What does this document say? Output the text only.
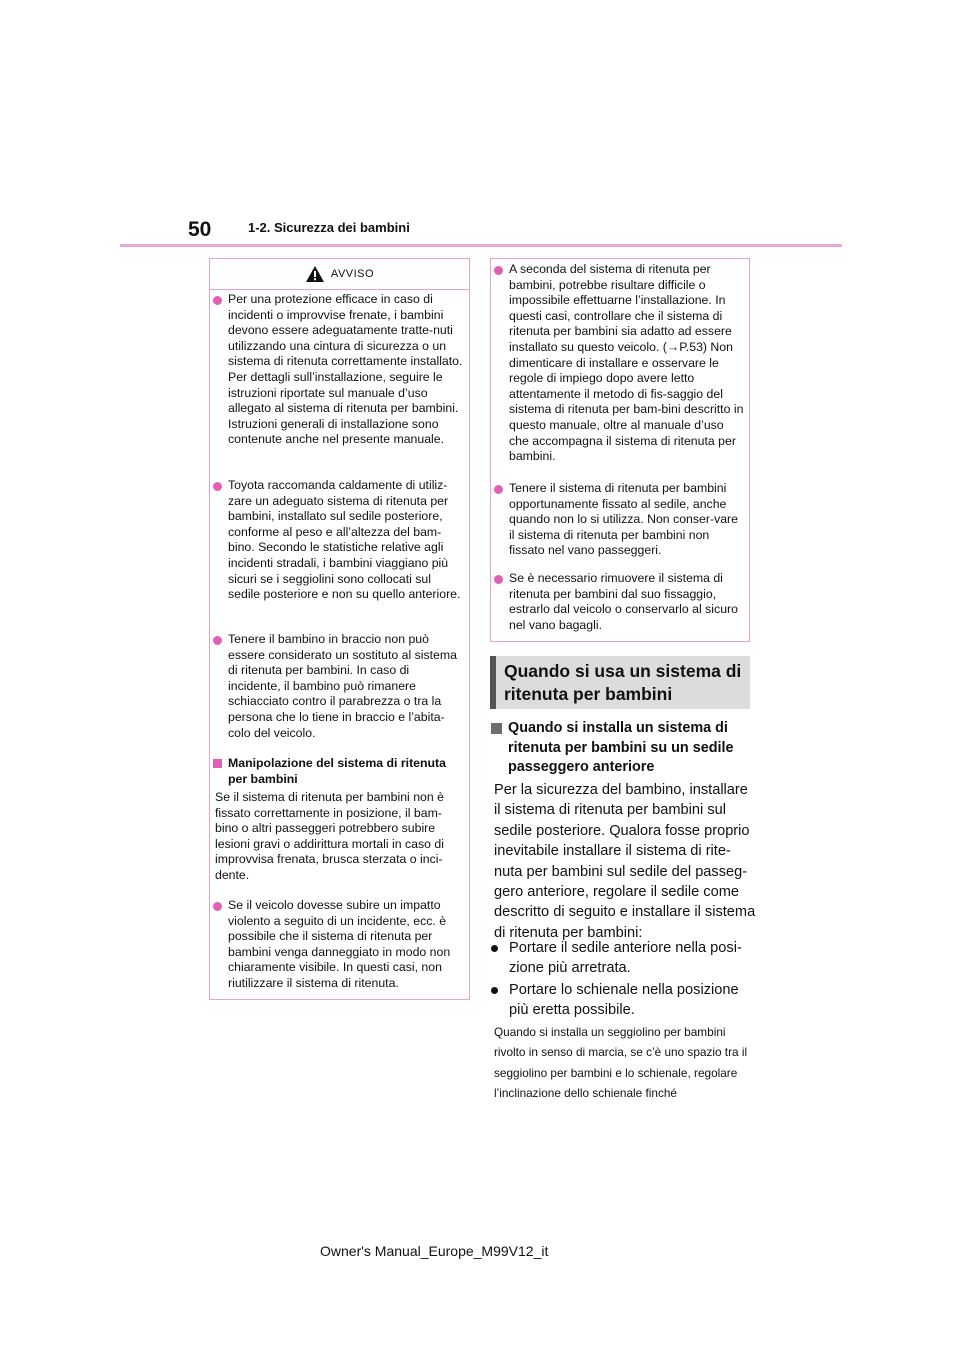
50	1-2. Sicurezza dei bambini
AVVISO
Per una protezione efficace in caso di incidenti o improvvise frenate, i bambini devono essere adeguatamente tratte-nuti utilizzando una cintura di sicurezza o un sistema di ritenuta correttamente installato. Per dettagli sull’installazione, seguire le istruzioni riportate sul manuale d’uso allegato al sistema di ritenuta per bambini. Istruzioni generali di installazione sono contenute anche nel presente manuale.
Toyota raccomanda caldamente di utiliz-zare un adeguato sistema di ritenuta per bambini, installato sul sedile posteriore, conforme al peso e all’altezza del bam-bino. Secondo le statistiche relative agli incidenti stradali, i bambini viaggiano più sicuri se i seggiolini sono collocati sul sedile posteriore e non su quello anteriore.
Tenere il bambino in braccio non può essere considerato un sostituto al sistema di ritenuta per bambini. In caso di incidente, il bambino può rimanere schiacciato contro il parabrezza o tra la persona che lo tiene in braccio e l’abita-colo del veicolo.
Manipolazione del sistema di ritenuta per bambini
Se il sistema di ritenuta per bambini non è fissato correttamente in posizione, il bam-bino o altri passeggeri potrebbero subire lesioni gravi o addirittura mortali in caso di improvvisa frenata, brusca sterzata o inci-dente.
Se il veicolo dovesse subire un impatto violento a seguito di un incidente, ecc. è possibile che il sistema di ritenuta per bambini venga danneggiato in modo non chiaramente visibile. In questi casi, non riutilizzare il sistema di ritenuta.
A seconda del sistema di ritenuta per bambini, potrebbe risultare difficile o impossibile effettuarne l’installazione. In questi casi, controllare che il sistema di ritenuta per bambini sia adatto ad essere installato su questo veicolo. (→P.53) Non dimenticare di installare e osservare le regole di impiego dopo avere letto attentamente il metodo di fis-saggio del sistema di ritenuta per bam-bini descritto in questo manuale, oltre al manuale d’uso che accompagna il sistema di ritenuta per bambini.
Tenere il sistema di ritenuta per bambini opportunamente fissato al sedile, anche quando non lo si utilizza. Non conser-vare il sistema di ritenuta per bambini non fissato nel vano passeggeri.
Se è necessario rimuovere il sistema di ritenuta per bambini dal suo fissaggio, estrarlo dal veicolo o conservarlo al sicuro nel vano bagagli.
Quando si usa un sistema di ritenuta per bambini
Quando si installa un sistema di ritenuta per bambini su un sedile passeggero anteriore
Per la sicurezza del bambino, installare il sistema di ritenuta per bambini sul sedile posteriore. Qualora fosse proprio inevitabile installare il sistema di rite-nuta per bambini sul sedile del passeg-gero anteriore, regolare il sedile come descritto di seguito e installare il sistema di ritenuta per bambini:
Portare il sedile anteriore nella posi-zione più arretrata.
Portare lo schienale nella posizione più eretta possibile.
Quando si installa un seggiolino per bambini rivolto in senso di marcia, se c’è uno spazio tra il seggiolino per bambini e lo schienale, regolare l’inclinazione dello schienale finché
Owner's Manual_Europe_M99V12_it
